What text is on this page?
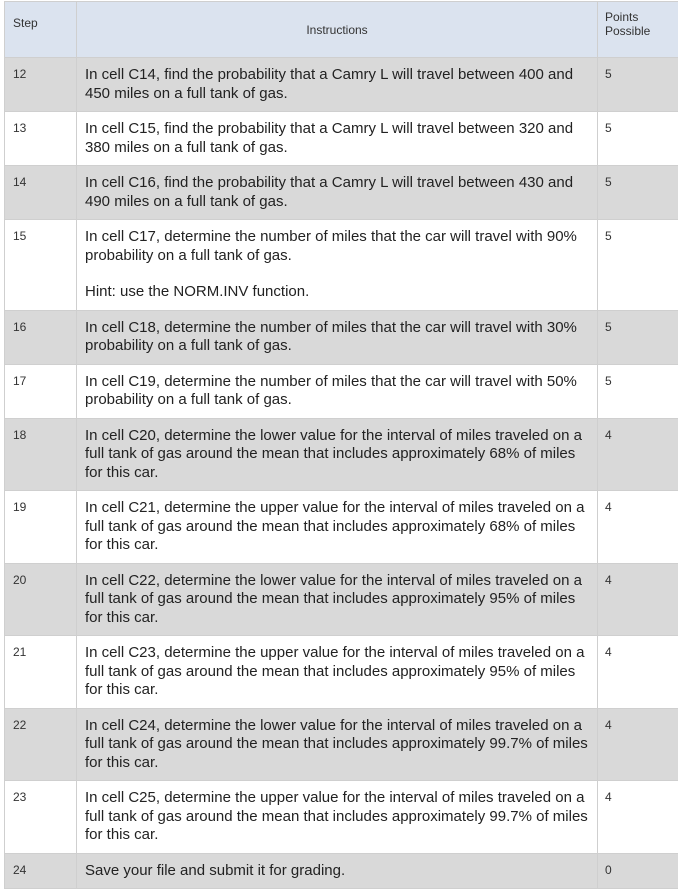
Step	Instructions	Points Possible

12	In cell C14, find the probability that a Camry L will travel between 400 and 450 miles on a full tank of gas.	5
13	In cell C15, find the probability that a Camry L will travel between 320 and 380 miles on a full tank of gas.	5
14	In cell C16, find the probability that a Camry L will travel between 430 and 490 miles on a full tank of gas.	5
15	In cell C17, determine the number of miles that the car will travel with 90% probability on a full tank of gas.
Hint: use the NORM.INV function.	5
16	In cell C18, determine the number of miles that the car will travel with 30% probability on a full tank of gas.	5
17	In cell C19, determine the number of miles that the car will travel with 50% probability on a full tank of gas.	5
18	In cell C20, determine the lower value for the interval of miles traveled on a full tank of gas around the mean that includes approximately 68% of miles for this car.	4
19	In cell C21, determine the upper value for the interval of miles traveled on a full tank of gas around the mean that includes approximately 68% of miles for this car.	4
20	In cell C22, determine the lower value for the interval of miles traveled on a full tank of gas around the mean that includes approximately 95% of miles for this car.	4
21	In cell C23, determine the upper value for the interval of miles traveled on a full tank of gas around the mean that includes approximately 95% of miles for this car.	4
22	In cell C24, determine the lower value for the interval of miles traveled on a full tank of gas around the mean that includes approximately 99.7% of miles for this car.	4
23	In cell C25, determine the upper value for the interval of miles traveled on a full tank of gas around the mean that includes approximately 99.7% of miles for this car.	4
24	Save your file and submit it for grading.	0
